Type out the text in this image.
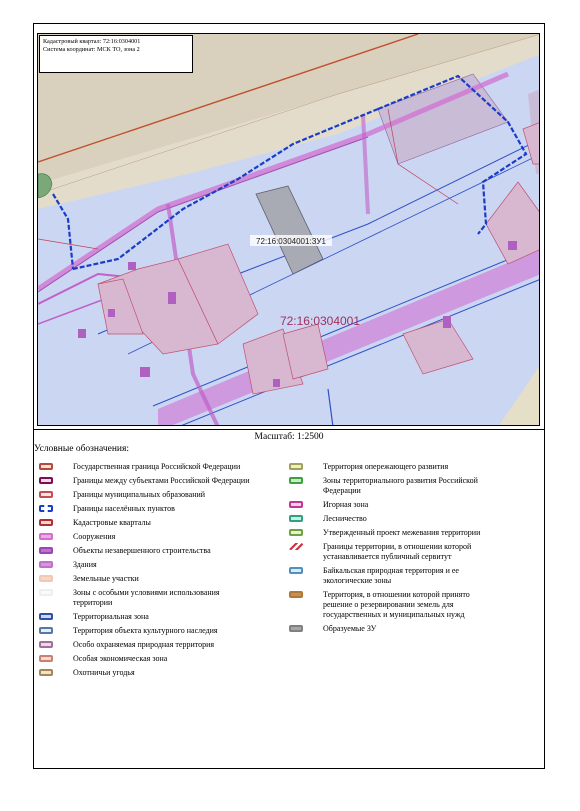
72:16:0304001:ЗУ1
72:16:0304001
Кадастровый квартал: 72:16:0304001
Система координат: МСК ТО, зона 2
Масштаб: 1:2500
Условные обозначения:
Государственная граница Российской Федерации
Границы между субъектами Российской Федерации
Границы муниципальных образований
Границы населённых пунктов
Кадастровые кварталы
Сооружения
Объекты незавершенного строительства
Здания
Земельные участки
Зоны с особыми условиями использования территории
Территориальная зона
Территория объекта культурного наследия
Особо охраняемая природная территория
Особая экономическая зона
Охотничьи угодья
Территория опережающего развития
Зоны территориального развития Российской Федерации
Игорная зона
Лесничество
Утвержденный проект межевания территории
Границы территории, в отношении которой устанавливается публичный сервитут
Байкальская природная территория и ее экологические зоны
Территория, в отношении которой принято решение о резервировании земель для государственных и муниципальных нужд
Образуемые ЗУ
